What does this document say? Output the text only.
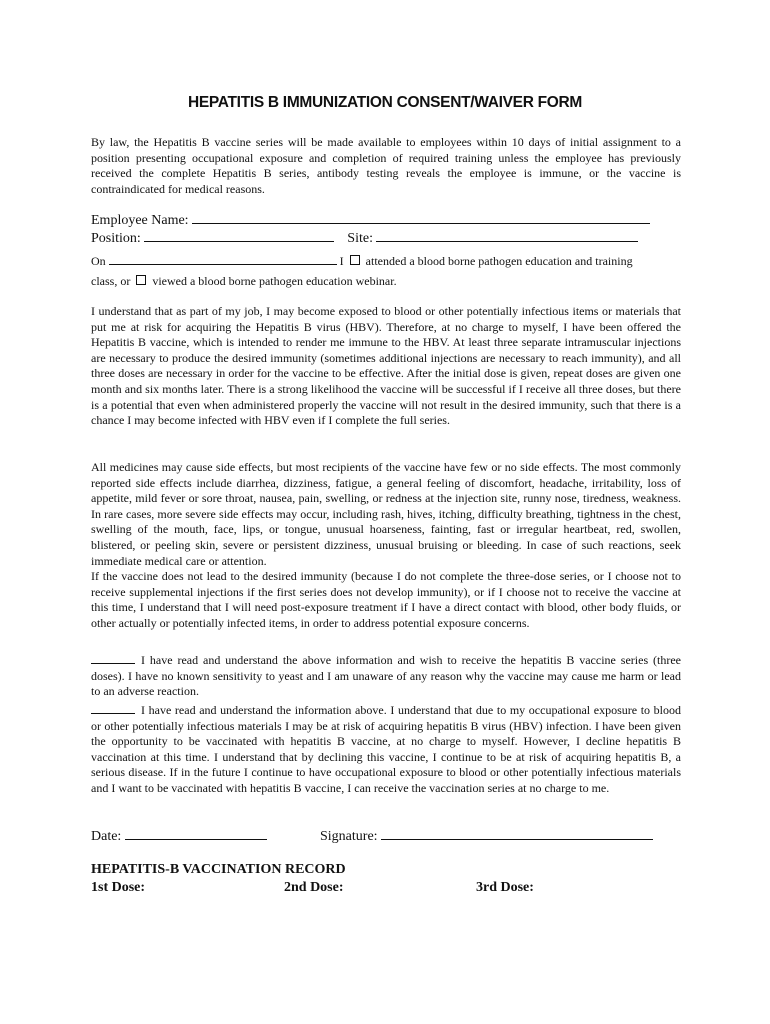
HEPATITIS B IMMUNIZATION CONSENT/WAIVER FORM
By law, the Hepatitis B vaccine series will be made available to employees within 10 days of initial assignment to a position presenting occupational exposure and completion of required training unless the employee has previously received the complete Hepatitis B series, antibody testing reveals the employee is immune, or the vaccine is contraindicated for medical reasons.
Employee Name:
Position:	Site:
On	I attended a blood borne pathogen education and training
class, or viewed a blood borne pathogen education webinar.
I understand that as part of my job, I may become exposed to blood or other potentially infectious items or materials that put me at risk for acquiring the Hepatitis B virus (HBV). Therefore, at no charge to myself, I have been offered the Hepatitis B vaccine, which is intended to render me immune to the HBV. At least three separate intramuscular injections are necessary to produce the desired immunity (sometimes additional injections are necessary to reach immunity), and all three doses are necessary in order for the vaccine to be effective. After the initial dose is given, repeat doses are given one month and six months later. There is a strong likelihood the vaccine will be successful if I receive all three doses, but there is a potential that even when administered properly the vaccine will not result in the desired immunity, such that there is a chance I may become infected with HBV even if I complete the full series.
All medicines may cause side effects, but most recipients of the vaccine have few or no side effects. The most commonly reported side effects include diarrhea, dizziness, fatigue, a general feeling of discomfort, headache, irritability, loss of appetite, mild fever or sore throat, nausea, pain, swelling, or redness at the injection site, runny nose, tiredness, weakness. In rare cases, more severe side effects may occur, including rash, hives, itching, difficulty breathing, tightness in the chest, swelling of the mouth, face, lips, or tongue, unusual hoarseness, fainting, fast or irregular heartbeat, red, swollen, blistered, or peeling skin, severe or persistent dizziness, unusual bruising or bleeding. In case of such reactions, seek immediate medical care or attention.
If the vaccine does not lead to the desired immunity (because I do not complete the three-dose series, or I choose not to receive supplemental injections if the first series does not develop immunity), or if I choose not to receive the vaccine at this time, I understand that I will need post-exposure treatment if I have a direct contact with blood, other body fluids, or other actually or potentially infected items, in order to address potential exposure concerns.
I have read and understand the above information and wish to receive the hepatitis B vaccine series (three doses). I have no known sensitivity to yeast and I am unaware of any reason why the vaccine may cause me harm or lead to an adverse reaction.
I have read and understand the information above. I understand that due to my occupational exposure to blood or other potentially infectious materials I may be at risk of acquiring hepatitis B virus (HBV) infection. I have been given the opportunity to be vaccinated with hepatitis B vaccine, at no charge to myself. However, I decline hepatitis B vaccination at this time. I understand that by declining this vaccine, I continue to be at risk of acquiring hepatitis B, a serious disease. If in the future I continue to have occupational exposure to blood or other potentially infectious materials and I want to be vaccinated with hepatitis B vaccine, I can receive the vaccination series at no charge to me.
Date:	Signature:
HEPATITIS-B VACCINATION RECORD
1st Dose:	2nd Dose:	3rd Dose:
